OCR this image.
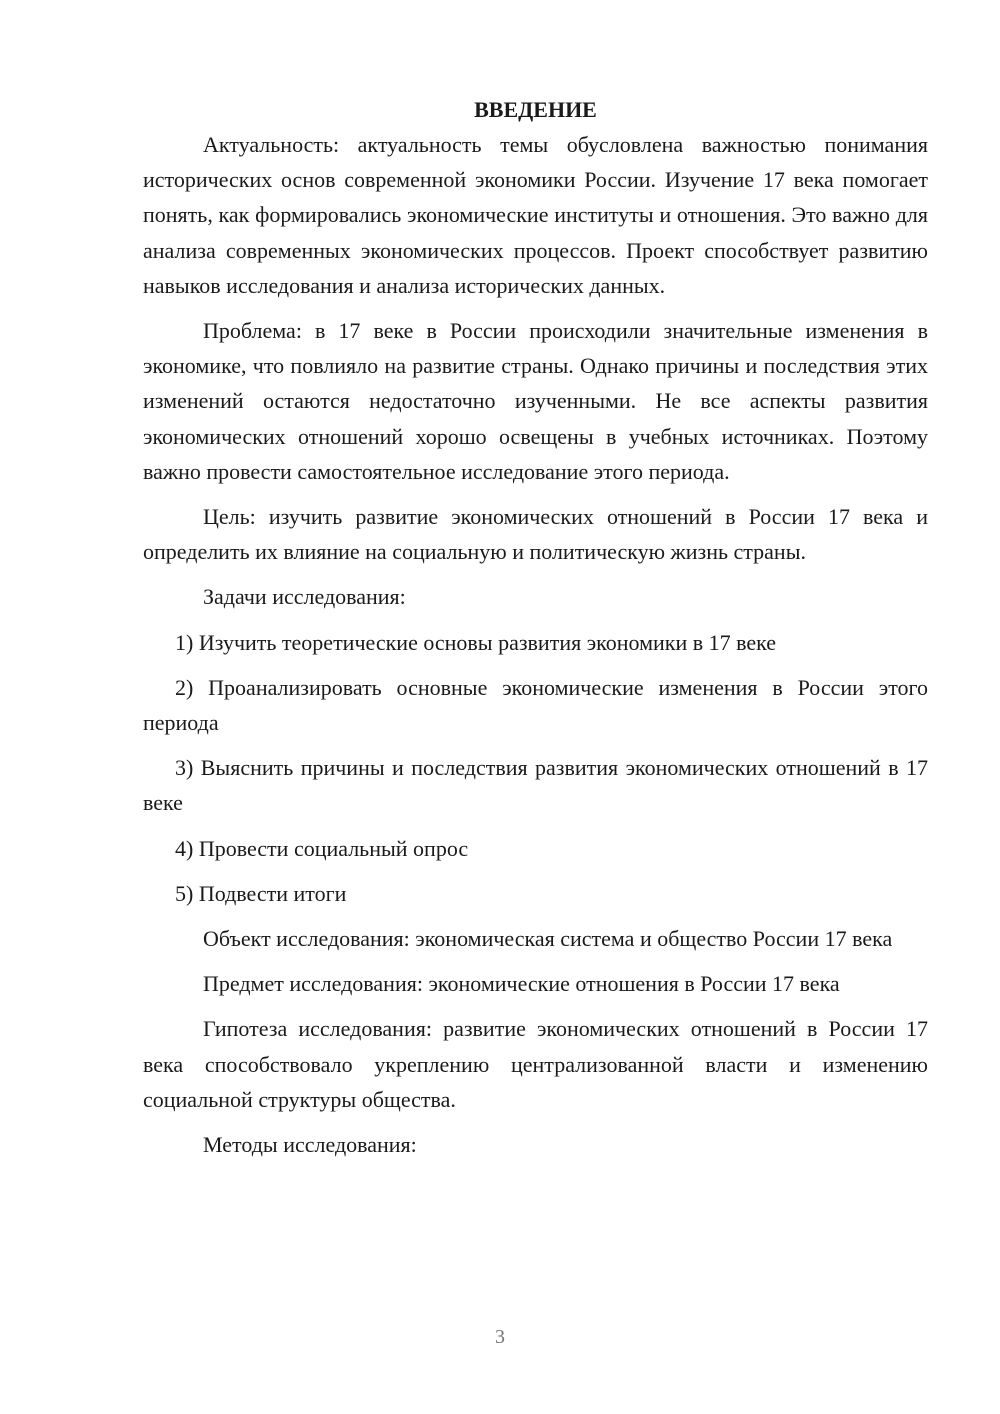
ВВЕДЕНИЕ

Актуальность: актуальность темы обусловлена важностью понимания исторических основ современной экономики России. Изучение 17 века помогает понять, как формировались экономические институты и отношения. Это важно для анализа современных экономических процессов. Проект способствует развитию навыков исследования и анализа исторических данных.

Проблема: в 17 веке в России происходили значительные изменения в экономике, что повлияло на развитие страны. Однако причины и последствия этих изменений остаются недостаточно изученными. Не все аспекты развития экономических отношений хорошо освещены в учебных источниках. Поэтому важно провести самостоятельное исследование этого периода.

Цель: изучить развитие экономических отношений в России 17 века и определить их влияние на социальную и политическую жизнь страны.

Задачи исследования:

1) Изучить теоретические основы развития экономики в 17 веке

2) Проанализировать основные экономические изменения в России этого периода

3) Выяснить причины и последствия развития экономических отношений в 17 веке

4) Провести социальный опрос

5) Подвести итоги

Объект исследования: экономическая система и общество России 17 века

Предмет исследования: экономические отношения в России 17 века

Гипотеза исследования: развитие экономических отношений в России 17 века способствовало укреплению централизованной власти и изменению социальной структуры общества.

Методы исследования:

3
